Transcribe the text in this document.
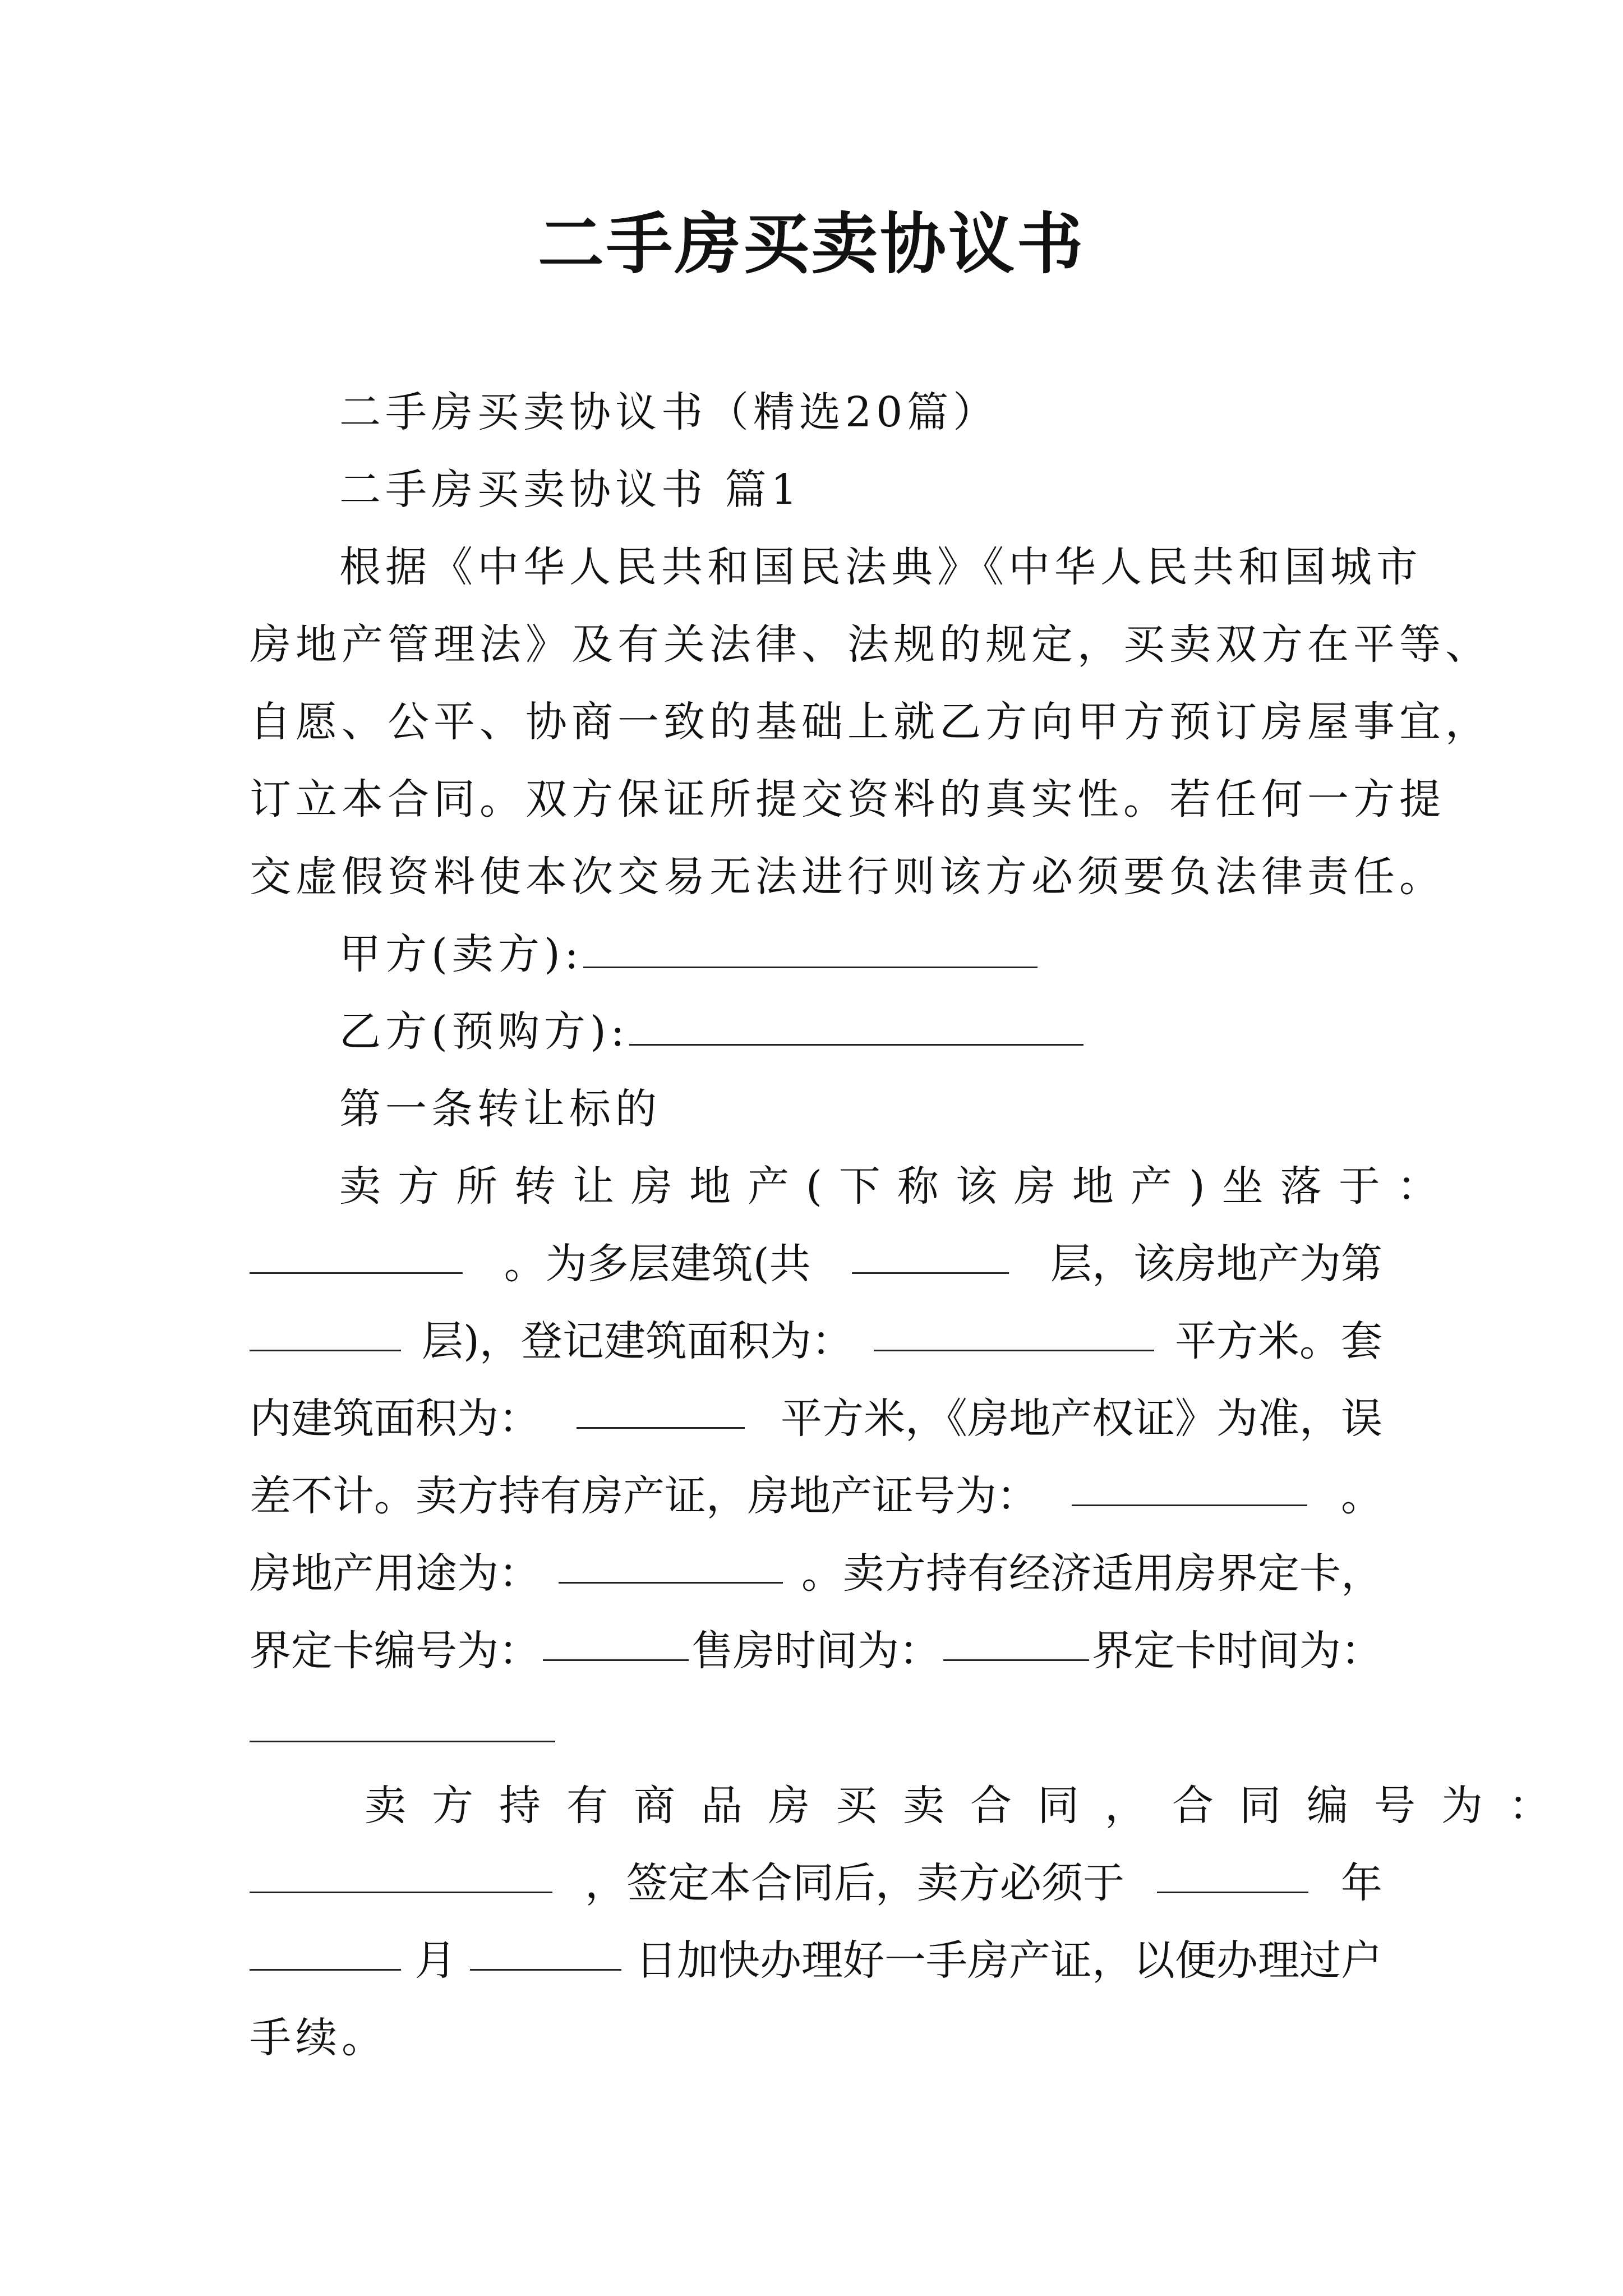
二手房买卖协议书
二手房买卖协议书（精选20篇）
二手房买卖协议书 篇1
根据《中华人民共和国民法典》《中华人民共和国城市
房地产管理法》及有关法律、法规的规定，买卖双方在平等、
自愿、公平、协商一致的基础上就乙方向甲方预订房屋事宜，
订立本合同。双方保证所提交资料的真实性。若任何一方提
交虚假资料使本次交易无法进行则该方必须要负法律责任。
甲方(卖方):
乙方(预购方):
第一条转让标的
卖方所转让房地产(下称该房地产)坐落于：
。为多层建筑(共	层，该房地产为第
层)，登记建筑面积为：	平方米。套
内建筑面积为：	平方米，《房地产权证》为准，误
差不计。卖方持有房产证，房地产证号为：	。
房地产用途为：	。卖方持有经济适用房界定卡，
界定卡编号为：	售房时间为：	界定卡时间为：
卖方持有商品房买卖合同，合同编号为：
，签定本合同后，卖方必须于	年
月	日加快办理好一手房产证，以便办理过户
手续。
